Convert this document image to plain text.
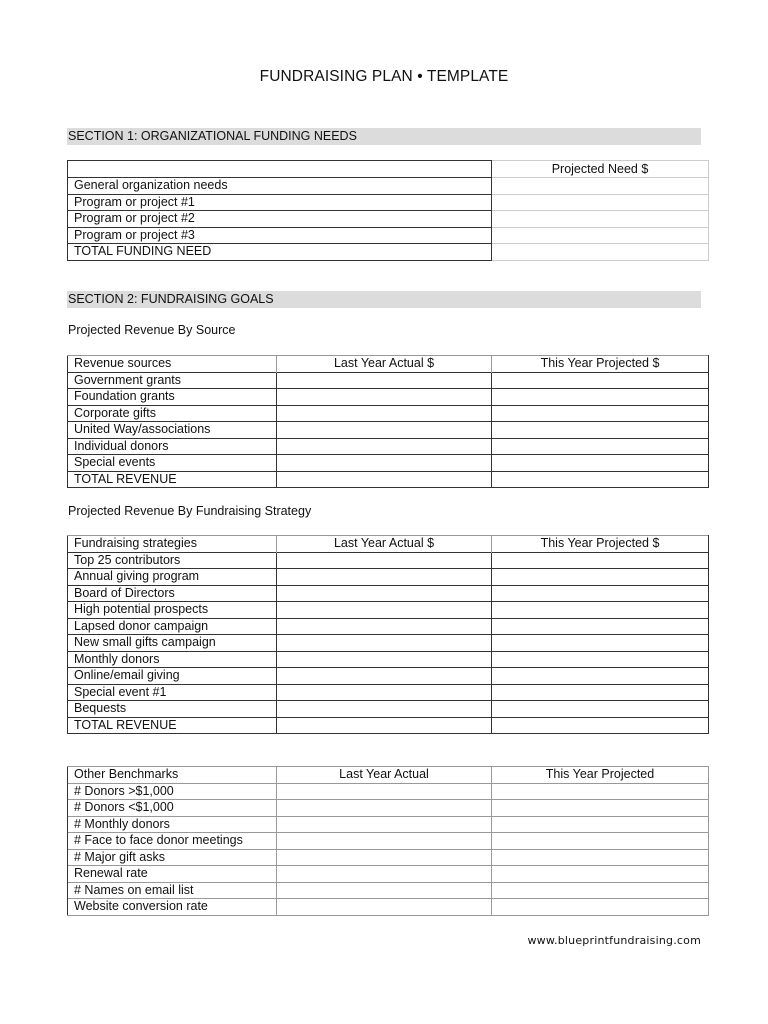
FUNDRAISING PLAN • TEMPLATE
SECTION 1: ORGANIZATIONAL FUNDING NEEDS
	Projected Need $
General organization needs	
Program or project #1	
Program or project #2	
Program or project #3	
TOTAL FUNDING NEED	
SECTION 2: FUNDRAISING GOALS
Projected Revenue By Source
Revenue sources	Last Year Actual $	This Year Projected $
Government grants		
Foundation grants		
Corporate gifts		
United Way/associations		
Individual donors		
Special events		
TOTAL REVENUE		
Projected Revenue By Fundraising Strategy
Fundraising strategies	Last Year Actual $	This Year Projected $
Top 25 contributors		
Annual giving program		
Board of Directors		
High potential prospects		
Lapsed donor campaign		
New small gifts campaign		
Monthly donors		
Online/email giving		
Special event #1		
Bequests		
TOTAL REVENUE		
Other Benchmarks	Last Year Actual	This Year Projected
# Donors >$1,000		
# Donors <$1,000		
# Monthly donors		
# Face to face donor meetings		
# Major gift asks		
Renewal rate		
# Names on email list		
Website conversion rate		
www.blueprintfundraising.com
